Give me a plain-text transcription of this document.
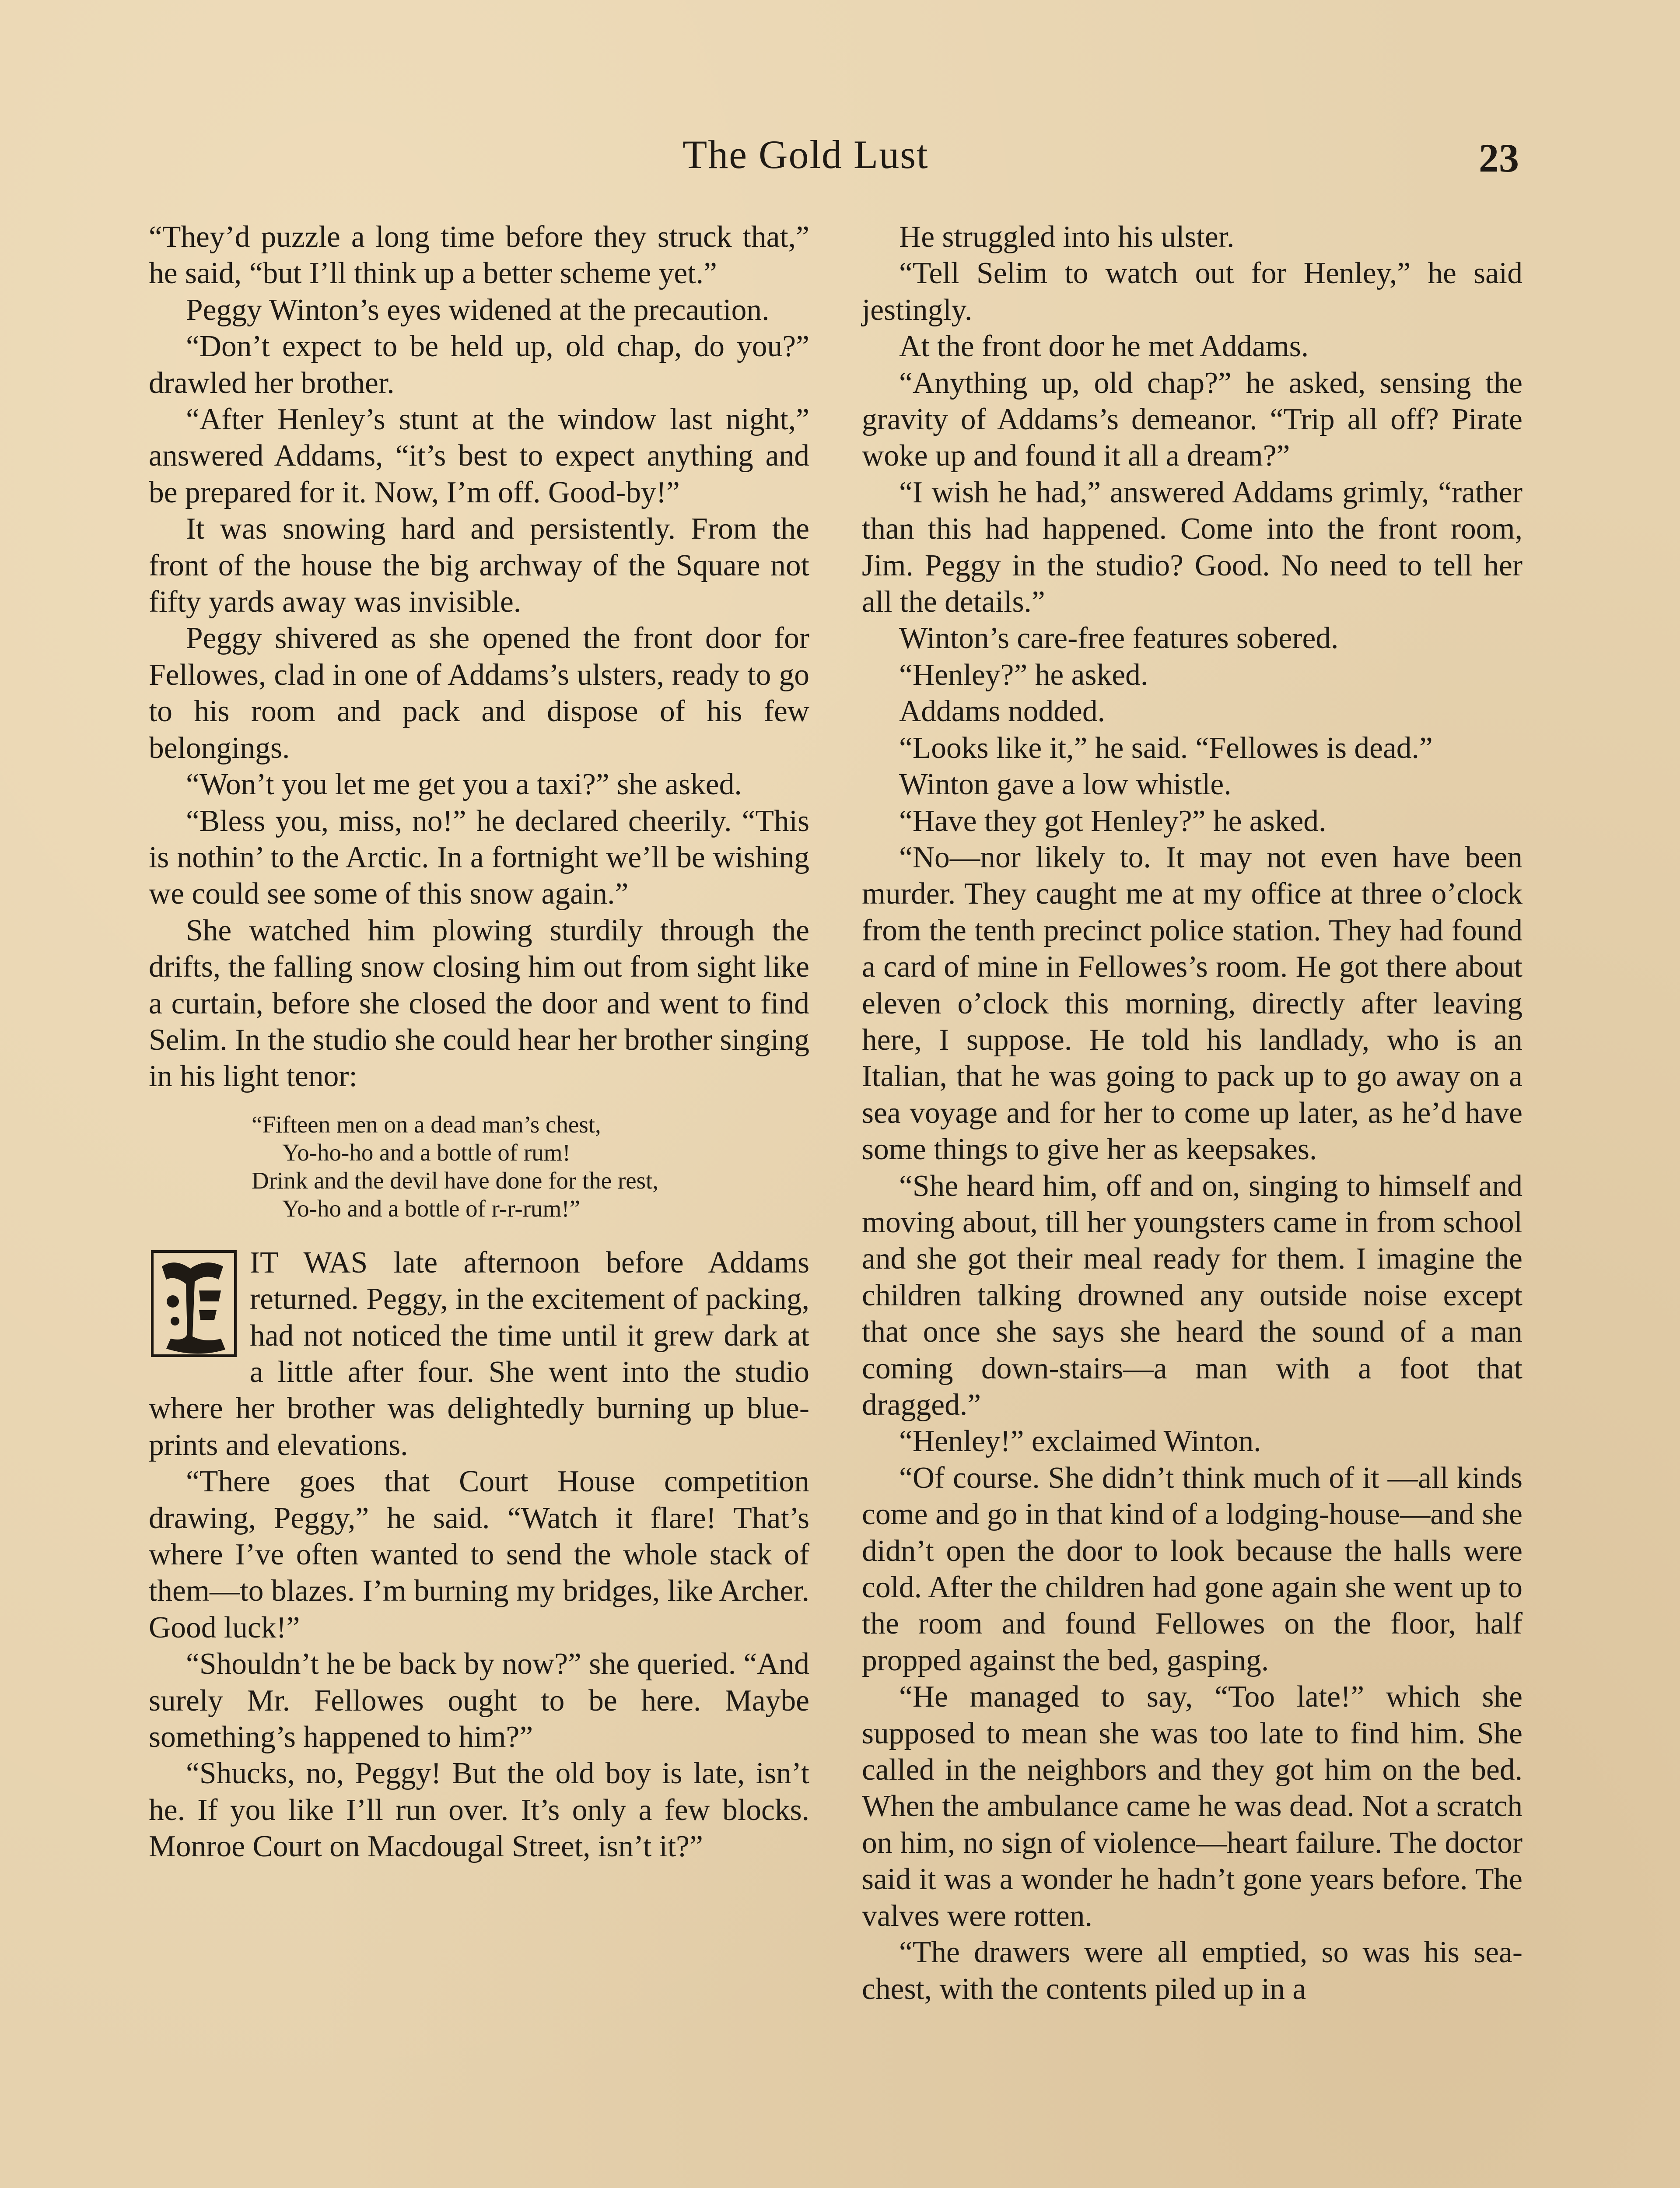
The Gold Lust	23

“They’d puzzle a long time before they struck that,” he said, “but I’ll think up a better scheme yet.”

Peggy Winton’s eyes widened at the precaution.

“Don’t expect to be held up, old chap, do you?” drawled her brother.

“After Henley’s stunt at the window last night,” answered Addams, “it’s best to expect anything and be prepared for it. Now, I’m off. Good-by!”

It was snowing hard and persistently. From the front of the house the big archway of the Square not fifty yards away was invisible.

Peggy shivered as she opened the front door for Fellowes, clad in one of Addams’s ulsters, ready to go to his room and pack and dispose of his few belongings.

“Won’t you let me get you a taxi?” she asked.

“Bless you, miss, no!” he declared cheerily. “This is nothin’ to the Arctic. In a fortnight we’ll be wishing we could see some of this snow again.”

She watched him plowing sturdily through the drifts, the falling snow closing him out from sight like a curtain, before she closed the door and went to find Selim. In the studio she could hear her brother singing in his light tenor:

“Fifteen men on a dead man’s chest,
Yo-ho-ho and a bottle of rum!
Drink and the devil have done for the rest,
Yo-ho and a bottle of r-r-rum!”

IT WAS late afternoon before Addams returned. Peggy, in the excitement of packing, had not noticed the time until it grew dark at a little after four. She went into the studio where her brother was delightedly burning up blue-prints and elevations.

“There goes that Court House competition drawing, Peggy,” he said. “Watch it flare! That’s where I’ve often wanted to send the whole stack of them—to blazes. I’m burning my bridges, like Archer. Good luck!”

“Shouldn’t he be back by now?” she queried. “And surely Mr. Fellowes ought to be here. Maybe something’s happened to him?”

“Shucks, no, Peggy! But the old boy is late, isn’t he. If you like I’ll run over. It’s only a few blocks. Monroe Court on Macdougal Street, isn’t it?”

He struggled into his ulster.

“Tell Selim to watch out for Henley,” he said jestingly.

At the front door he met Addams.

“Anything up, old chap?” he asked, sensing the gravity of Addams’s demeanor. “Trip all off? Pirate woke up and found it all a dream?”

“I wish he had,” answered Addams grimly, “rather than this had happened. Come into the front room, Jim. Peggy in the studio? Good. No need to tell her all the details.”

Winton’s care-free features sobered.

“Henley?” he asked.

Addams nodded.

“Looks like it,” he said. “Fellowes is dead.”

Winton gave a low whistle.

“Have they got Henley?” he asked.

“No—nor likely to. It may not even have been murder. They caught me at my office at three o’clock from the tenth precinct police station. They had found a card of mine in Fellowes’s room. He got there about eleven o’clock this morning, directly after leaving here, I suppose. He told his landlady, who is an Italian, that he was going to pack up to go away on a sea voyage and for her to come up later, as he’d have some things to give her as keepsakes.

“She heard him, off and on, singing to himself and moving about, till her youngsters came in from school and she got their meal ready for them. I imagine the children talking drowned any outside noise except that once she says she heard the sound of a man coming down-stairs—a man with a foot that dragged.”

“Henley!” exclaimed Winton.

“Of course. She didn’t think much of it —all kinds come and go in that kind of a lodging-house—and she didn’t open the door to look because the halls were cold. After the children had gone again she went up to the room and found Fellowes on the floor, half propped against the bed, gasping.

“He managed to say, “Too late!” which she supposed to mean she was too late to find him. She called in the neighbors and they got him on the bed. When the ambulance came he was dead. Not a scratch on him, no sign of violence—heart failure. The doctor said it was a wonder he hadn’t gone years before. The valves were rotten.

“The drawers were all emptied, so was his sea-chest, with the contents piled up in a
